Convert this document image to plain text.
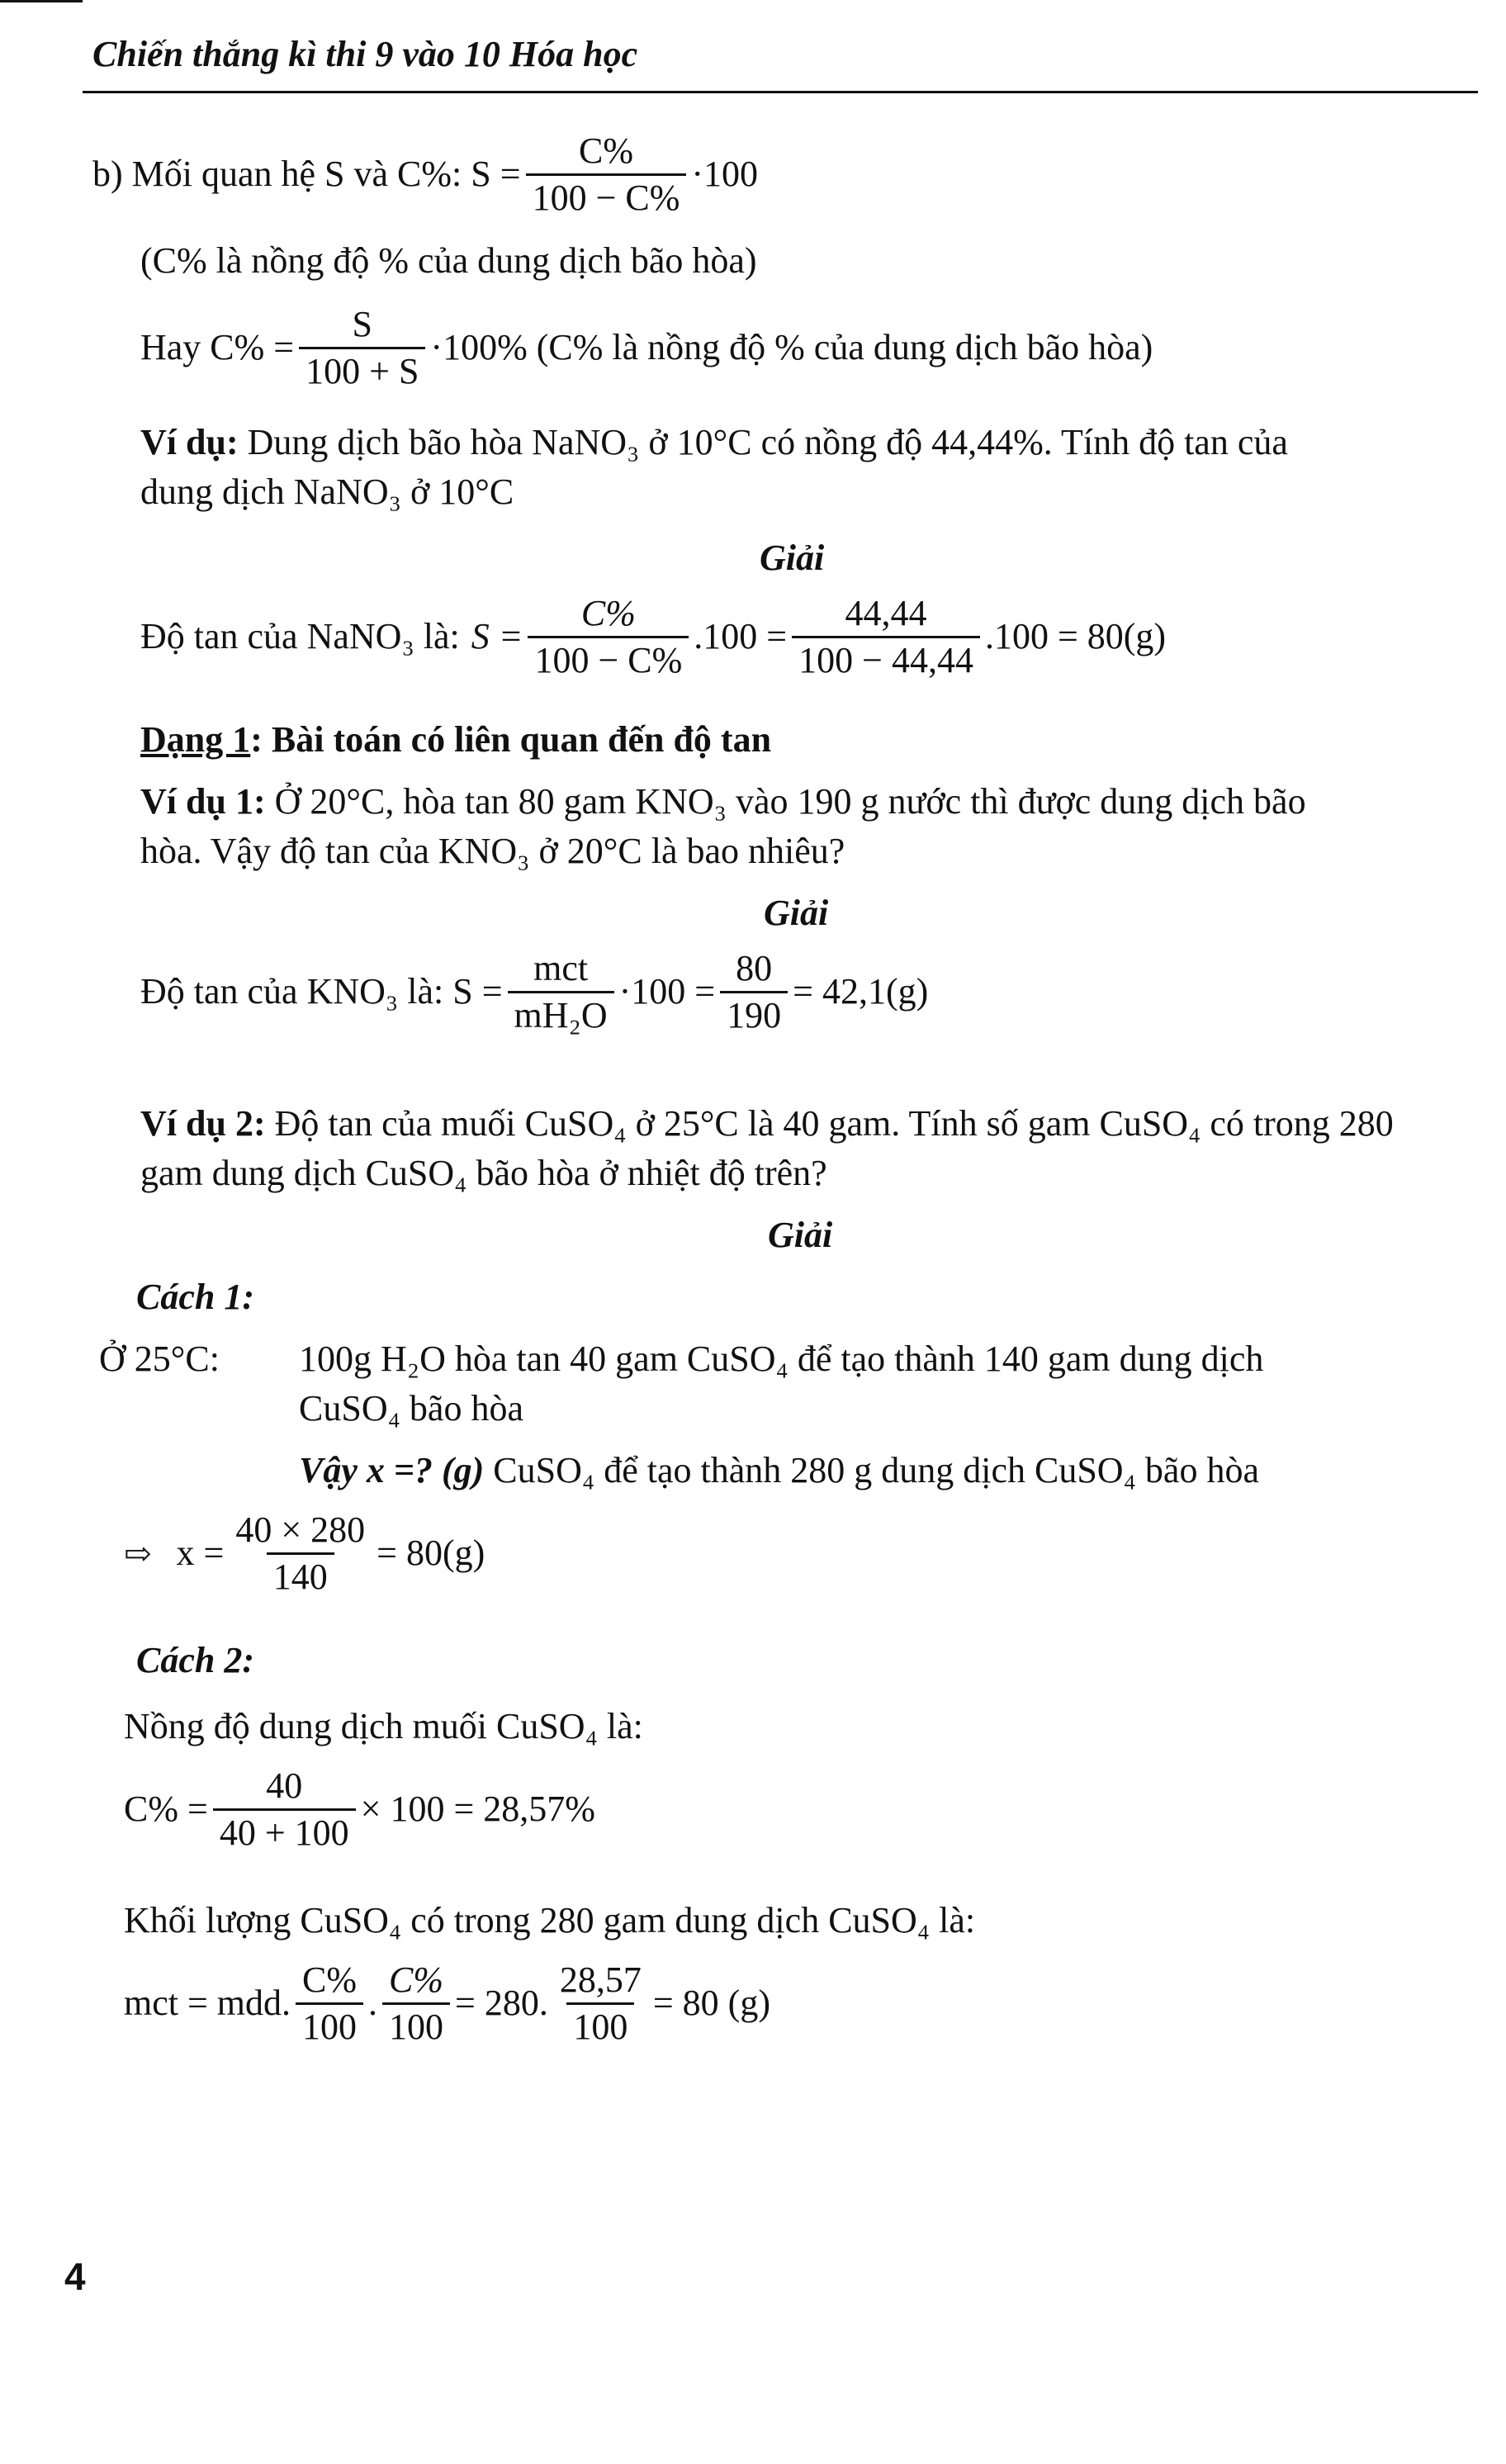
Chiến thắng kì thi 9 vào 10 Hóa học
b) Mối quan hệ S và C%: $S = \frac{C\%}{100 - C\%} \cdot 100$
(C% là nồng độ % của dung dịch bão hòa)
Hay $C\% = \frac{S}{100 + S} \cdot 100\%$ (C% là nồng độ % của dung dịch bão hòa)
Ví dụ: Dung dịch bão hòa NaNO₃ ở 10°C có nồng độ 44,44%. Tính độ tan của
dung dịch NaNO₃ ở 10°C
Giải
Độ tan của NaNO₃ là: $S = \frac{C\%}{100 - C\%} .100 = \frac{44,44}{100 - 44,44} .100 = 80(g)$
Dạng 1: Bài toán có liên quan đến độ tan
Ví dụ 1: Ở 20°C, hòa tan 80 gam KNO₃ vào 190 g nước thì được dung dịch bão
hòa. Vậy độ tan của KNO₃ ở 20°C là bao nhiêu?
Giải
Độ tan của KNO₃ là: $S = \frac{\text{mct}}{\text{mH₂O}} \cdot 100 = \frac{80}{190} = 42,1(g)$
Ví dụ 2: Độ tan của muối CuSO₄ ở 25°C là 40 gam. Tính số gam CuSO₄ có trong 280
gam dung dịch CuSO₄ bão hòa ở nhiệt độ trên?
Giải
Cách 1:
Ở 25°C: 100g H₂O hòa tan 40 gam CuSO₄ để tạo thành 140 gam dung dịch
CuSO₄ bão hòa
Vậy x =? (g) CuSO₄ để tạo thành 280 g dung dịch CuSO₄ bão hòa
⇨ $x = \frac{40 \times 280}{140} = 80(g)$
Cách 2:
Nồng độ dung dịch muối CuSO₄ là:
$C\% = \frac{40}{40 + 100} \times 100 = 28,57\%$
Khối lượng CuSO₄ có trong 280 gam dung dịch CuSO₄ là:
mct = mdd. $\frac{C\%}{100}$ . $\frac{C\%}{100} = 280$. $\frac{28,57}{100} = 80$ (g)
4
